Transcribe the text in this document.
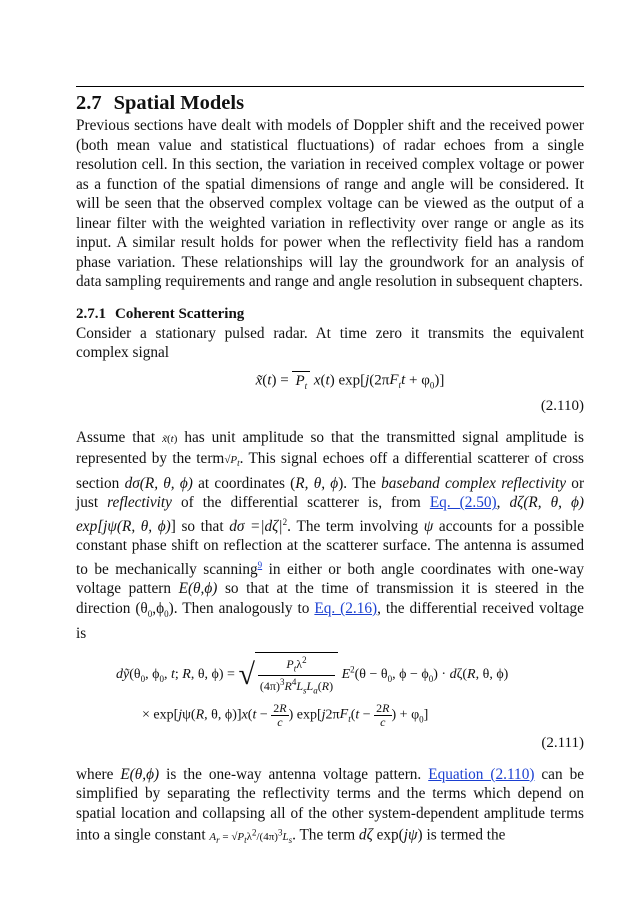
2.7 Spatial Models

Previous sections have dealt with models of Doppler shift and the received power (both mean value and statistical fluctuations) of radar echoes from a single resolution cell. In this section, the variation in received complex voltage or power as a function of the spatial dimensions of range and angle will be considered. It will be seen that the observed complex voltage can be viewed as the output of a linear filter with the weighted variation in reflectivity over range or angle as its input. A similar result holds for power when the reflectivity field has a random phase variation. These relationships will lay the groundwork for an analysis of data sampling requirements and range and angle resolution in subsequent chapters.

2.7.1 Coherent Scattering

Consider a stationary pulsed radar. At time zero it transmits the equivalent complex signal

x̃(t) = $P_t$ x(t) $\exp[j(2\pi F_tt + \varphi_0)]$
(2.110)

Assume that x̃(t) has unit amplitude so that the transmitted signal amplitude is represented by the $term√P_t$. This signal echoes off a differential scatterer of cross section dσ(R, θ, ϕ) at coordinates (R, θ, ϕ). The baseband complex reflectivity or just reflectivity of the differential scatterer is, from Eq. (2.50), dζ(R, θ, ϕ) exp[jψ(R, θ, ϕ)] so that $d\sigma =|d\zeta|^2$. The term involving ψ accounts for a possible constant phase shift on reflection at the scatterer surface. The antenna is assumed to be mechanically scanning$^9$ in either or both angle coordinates with one-way voltage pattern E(θ,ϕ) so that at the time of transmission it is steered in the direction $(\theta_0,\phi_0)$. Then analogously to Eq. (2.16), the differential received voltage is

$dỹ(\theta_0$, $\phi_0$, t; R, θ, ϕ) = √ $\frac{P_t\lambda^2}{(4\pi)^3R^4L_sL_a(R)} E^2(\theta - \theta_0$, $\phi - \phi_0) \cdot d\zeta(R$, θ, ϕ)
× exp[jψ(R, θ, $\phi)]x(t - \frac{2R}{c}$ ) $\exp[j2\pi F_t(t - \frac{2R}{c}$ ) + $\varphi_0$]
(2.111)

where E(θ,ϕ) is the one-way antenna voltage pattern. Equation (2.110) can be simplified by separating the reflectivity terms and the terms which depend on spatial location and collapsing all of the other system-dependent amplitude terms into a single constant $A_r = √P_t\lambda^2/(4\pi)^3L_s$. The term dζ exp(jψ) is termed the
